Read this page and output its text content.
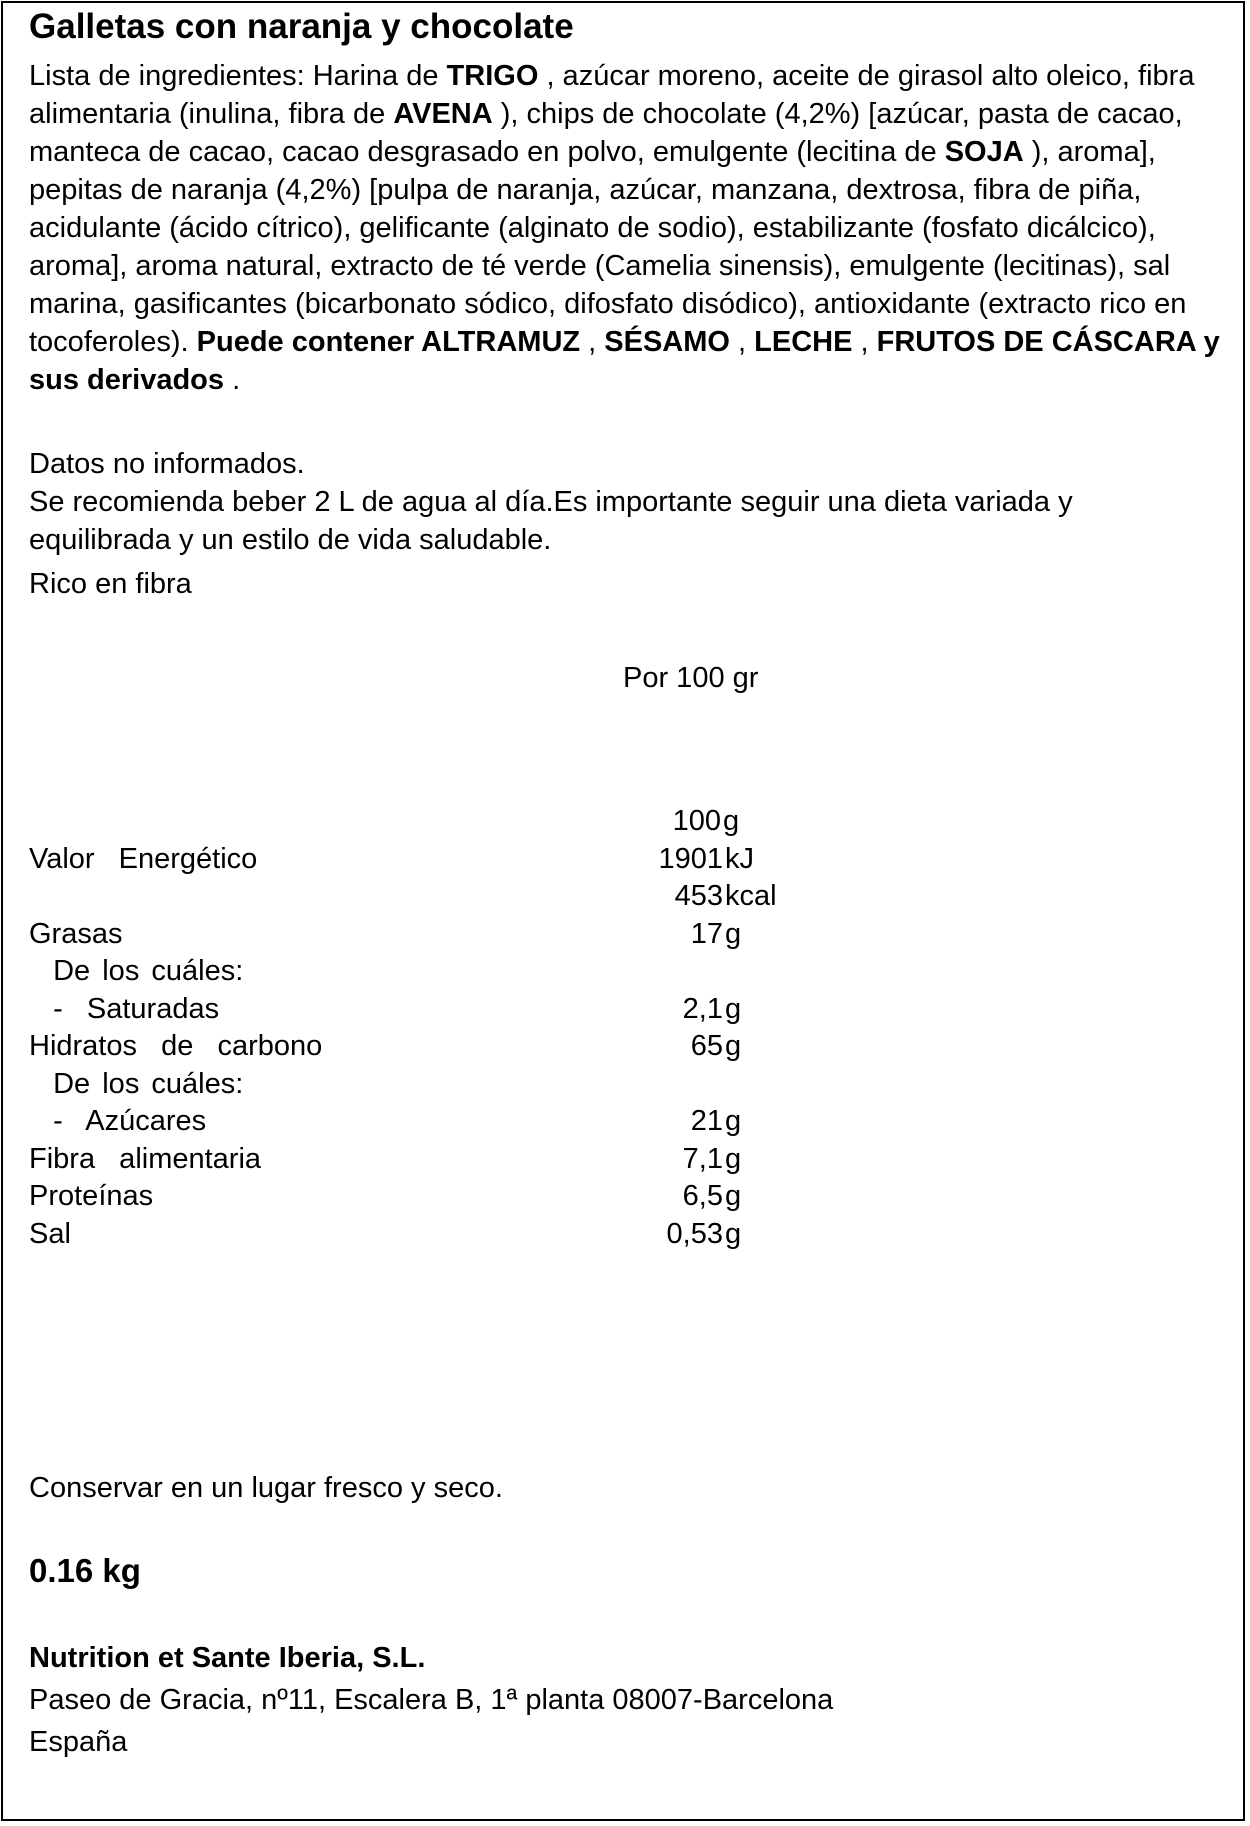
Galletas con naranja y chocolate
Lista de ingredientes: Harina de TRIGO , azúcar moreno, aceite de girasol alto oleico, fibra alimentaria (inulina, fibra de AVENA ), chips de chocolate (4,2%) [azúcar, pasta de cacao, manteca de cacao, cacao desgrasado en polvo, emulgente (lecitina de SOJA ), aroma], pepitas de naranja (4,2%) [pulpa de naranja, azúcar, manzana, dextrosa, fibra de piña, acidulante (ácido cítrico), gelificante (alginato de sodio), estabilizante (fosfato dicálcico), aroma], aroma natural, extracto de té verde (Camelia sinensis), emulgente (lecitinas), sal marina, gasificantes (bicarbonato sódico, difosfato disódico), antioxidante (extracto rico en tocoferoles). Puede contener ALTRAMUZ , SÉSAMO , LECHE , FRUTOS DE CÁSCARA y sus derivados .
Datos no informados.
Se recomienda beber 2 L de agua al día.Es importante seguir una dieta variada y
equilibrada y un estilo de vida saludable.
Rico en fibra
Por 100 gr
100 g
Valor  Energético	1901 kJ
453 kcal
Grasas	17 g
De los cuáles:
-  Saturadas	2,1 g
Hidratos  de  carbono	65 g
De los cuáles:
-  Azúcares	21 g
Fibra  alimentaria	7,1 g
Proteínas	6,5 g
Sal	0,53 g
Conservar en un lugar fresco y seco.
0.16 kg
Nutrition et Sante Iberia, S.L.
Paseo de Gracia, nº11, Escalera B, 1ª planta 08007-Barcelona
España
